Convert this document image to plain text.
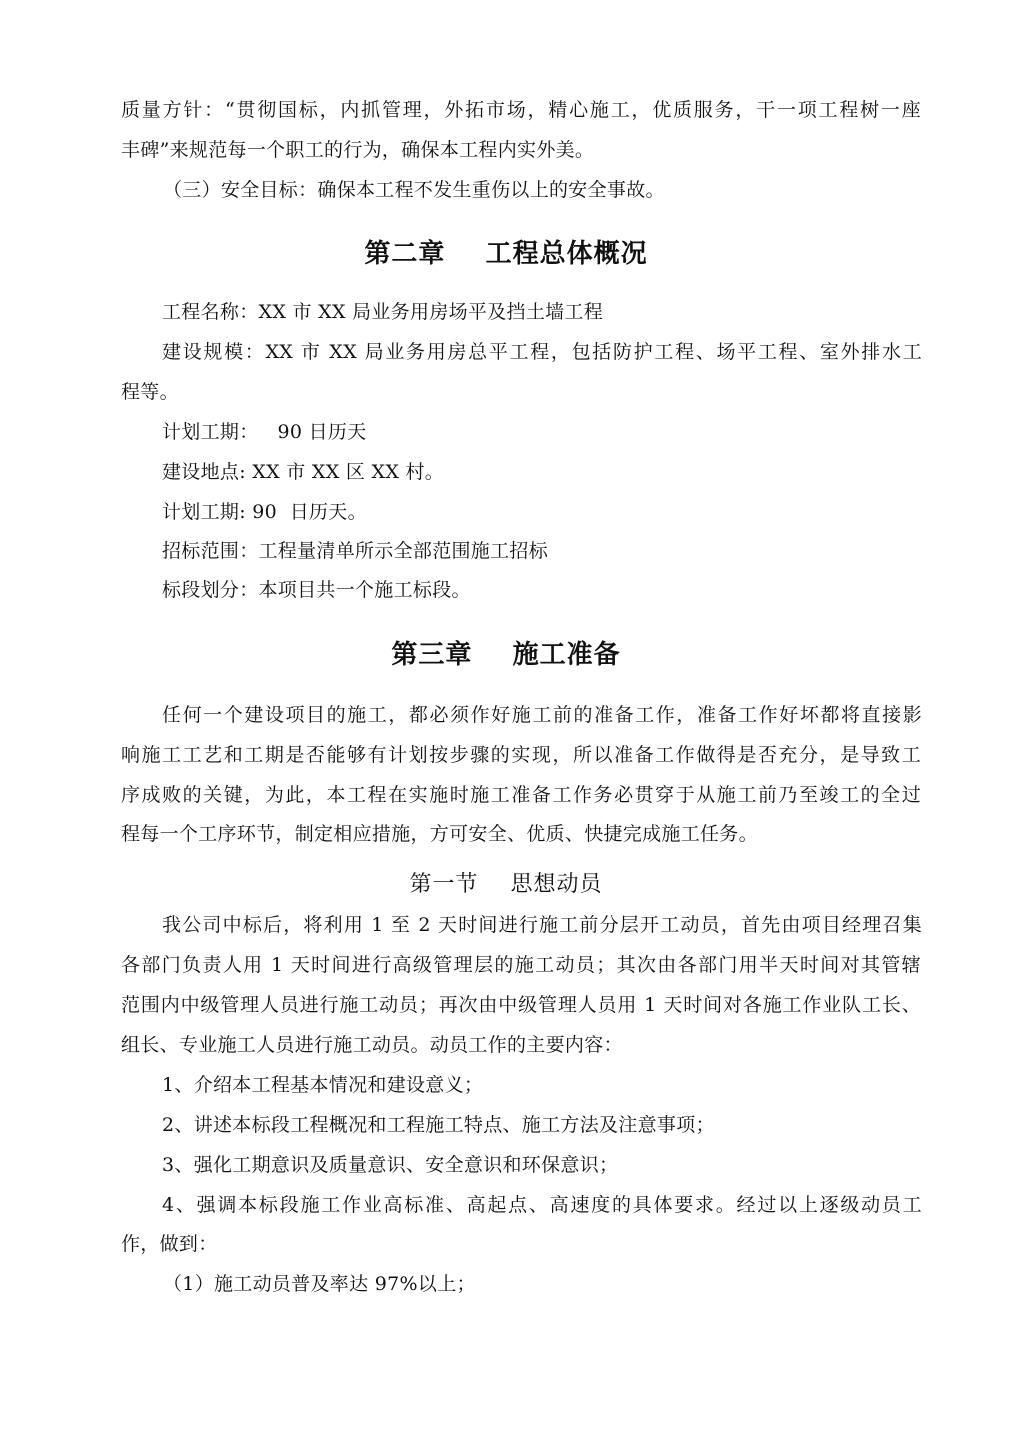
质量方针：“贯彻国标，内抓管理，外拓市场，精心施工，优质服务，干一项工程树一座
丰碑”来规范每一个职工的行为，确保本工程内实外美。
（三）安全目标：确保本工程不发生重伤以上的安全事故。
第二章    工程总体概况
工程名称：XX 市 XX 局业务用房场平及挡土墙工程
建设规模：XX 市 XX 局业务用房总平工程，包括防护工程、场平工程、室外排水工
程等。
计划工期：   90 日历天
建设地点: XX 市 XX 区 XX 村。
计划工期: 90  日历天。
招标范围：工程量清单所示全部范围施工招标
标段划分：本项目共一个施工标段。
第三章    施工准备
任何一个建设项目的施工，都必须作好施工前的准备工作，准备工作好坏都将直接影
响施工工艺和工期是否能够有计划按步骤的实现，所以准备工作做得是否充分，是导致工
序成败的关键，为此，本工程在实施时施工准备工作务必贯穿于从施工前乃至竣工的全过
程每一个工序环节，制定相应措施，方可安全、优质、快捷完成施工任务。
第一节    思想动员
我公司中标后，将利用 1 至 2 天时间进行施工前分层开工动员，首先由项目经理召集
各部门负责人用 1 天时间进行高级管理层的施工动员；其次由各部门用半天时间对其管辖
范围内中级管理人员进行施工动员；再次由中级管理人员用 1 天时间对各施工作业队工长、
组长、专业施工人员进行施工动员。动员工作的主要内容：
1、介绍本工程基本情况和建设意义；
2、讲述本标段工程概况和工程施工特点、施工方法及注意事项；
3、强化工期意识及质量意识、安全意识和环保意识；
4、强调本标段施工作业高标准、高起点、高速度的具体要求。经过以上逐级动员工
作，做到：
（1）施工动员普及率达 97%以上；
